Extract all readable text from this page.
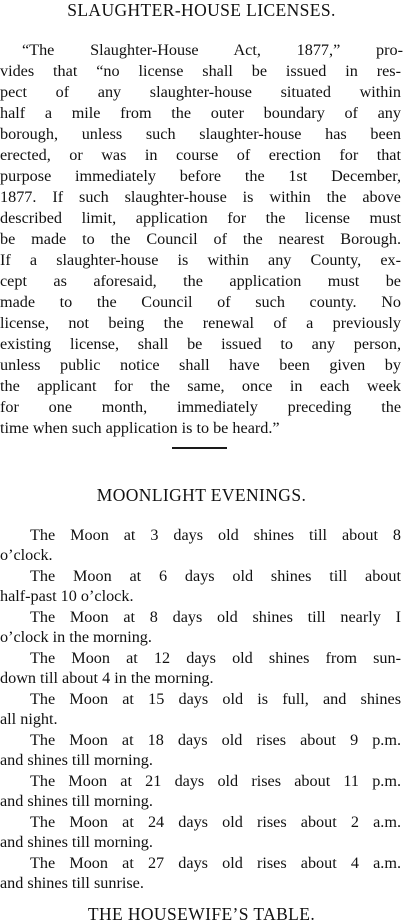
SLAUGHTER-HOUSE LICENSES.
“The Slaughter-House Act, 1877,” pro-
vides that “no license shall be issued in res-
pect of any slaughter-house situated within
half a mile from the outer boundary of any
borough, unless such slaughter-house has been
erected, or was in course of erection for that
purpose immediately before the 1st December,
1877. If such slaughter-house is within the above
described limit, application for the license must
be made to the Council of the nearest Borough.
If a slaughter-house is within any County, ex-
cept as aforesaid, the application must be
made to the Council of such county. No
license, not being the renewal of a previously
existing license, shall be issued to any person,
unless public notice shall have been given by
the applicant for the same, once in each week
for one month, immediately preceding the
time when such application is to be heard.”
MOONLIGHT EVENINGS.
The Moon at 3 days old shines till about 8
o’clock.
The Moon at 6 days old shines till about
half-past 10 o’clock.
The Moon at 8 days old shines till nearly I
o’clock in the morning.
The Moon at 12 days old shines from sun-
down till about 4 in the morning.
The Moon at 15 days old is full, and shines
all night.
The Moon at 18 days old rises about 9 p.m.
and shines till morning.
The Moon at 21 days old rises about 11 p.m.
and shines till morning.
The Moon at 24 days old rises about 2 a.m.
and shines till morning.
The Moon at 27 days old rises about 4 a.m.
and shines till sunrise.
THE HOUSEWIFE’S TABLE.
